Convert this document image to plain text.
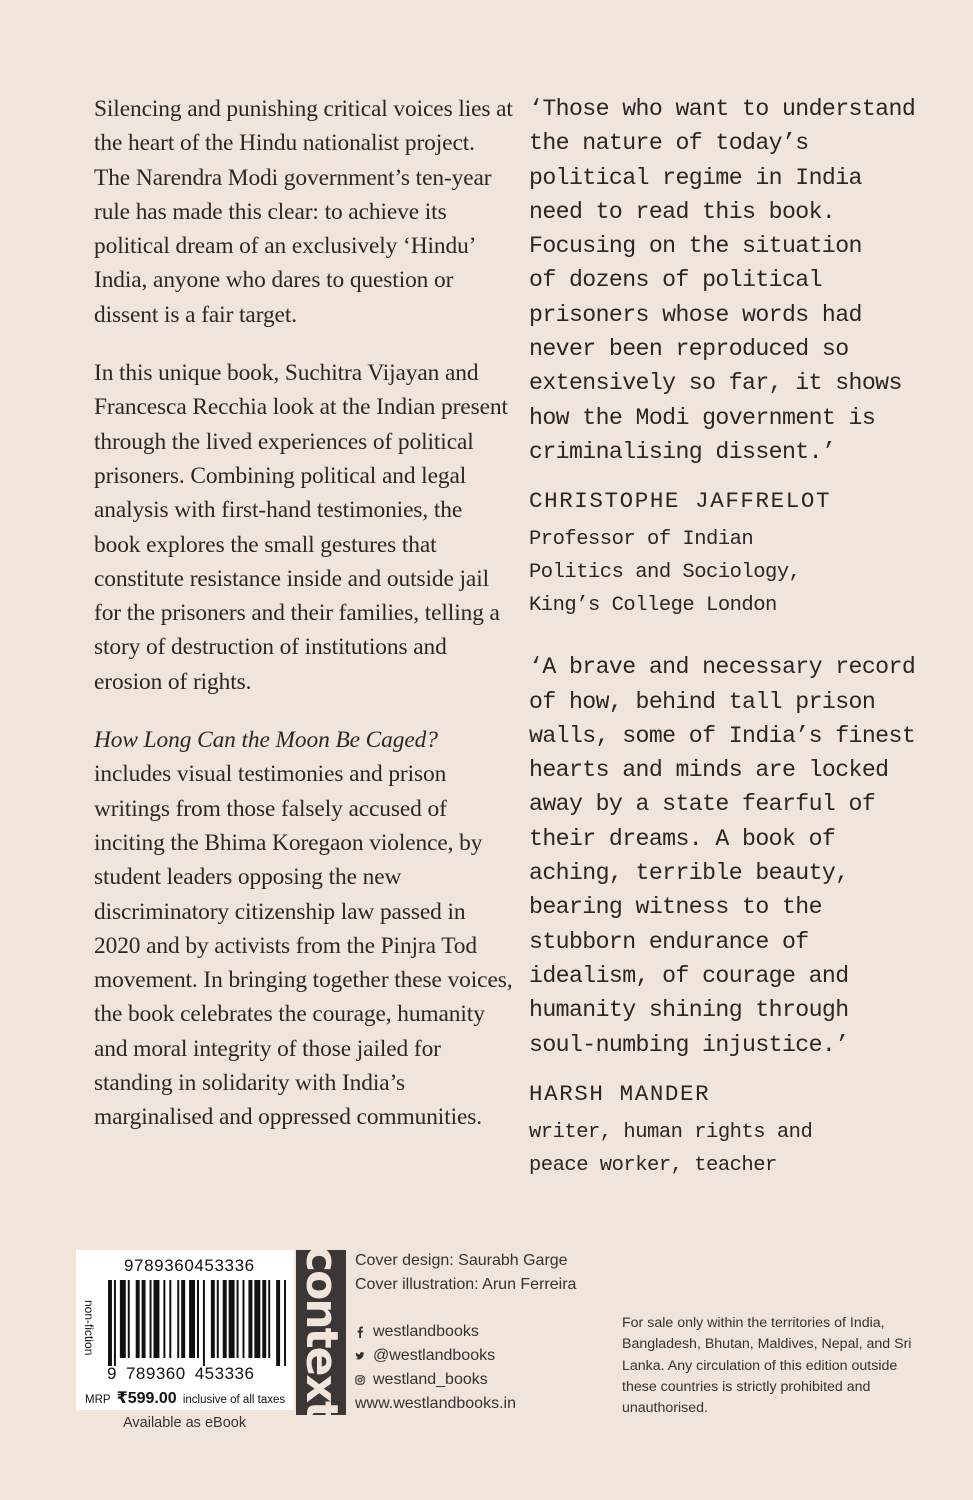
Silencing and punishing critical voices lies at the heart of the Hindu nationalist project. The Narendra Modi government’s ten-year rule has made this clear: to achieve its political dream of an exclusively ‘Hindu’ India, anyone who dares to question or dissent is a fair target.

In this unique book, Suchitra Vijayan and Francesca Recchia look at the Indian present through the lived experiences of political prisoners. Combining political and legal analysis with first-hand testimonies, the book explores the small gestures that constitute resistance inside and outside jail for the prisoners and their families, telling a story of destruction of institutions and erosion of rights.

How Long Can the Moon Be Caged? includes visual testimonies and prison writings from those falsely accused of inciting the Bhima Koregaon violence, by student leaders opposing the new discriminatory citizenship law passed in 2020 and by activists from the Pinjra Tod movement. In bringing together these voices, the book celebrates the courage, humanity and moral integrity of those jailed for standing in solidarity with India’s marginalised and oppressed communities.

‘Those who want to understand
the nature of today’s
political regime in India
need to read this book.
Focusing on the situation
of dozens of political
prisoners whose words had
never been reproduced so
extensively so far, it shows
how the Modi government is
criminalising dissent.’

CHRISTOPHE JAFFRELOT

Professor of Indian
Politics and Sociology,
King’s College London

‘A brave and necessary record
of how, behind tall prison
walls, some of India’s finest
hearts and minds are locked
away by a state fearful of
their dreams. A book of
aching, terrible beauty,
bearing witness to the
stubborn endurance of
idealism, of courage and
humanity shining through
soul-numbing injustice.’

HARSH MANDER

writer, human rights and
peace worker, teacher

non-fiction
9789360453336
9 789360 453336
MRP ₹599.00 inclusive of all taxes
Available as eBook
context Cover design: Saurabh Garge
Cover illustration: Arun Ferreira
westlandbooks
@westlandbooks
westland_books
www.westlandbooks.in
For sale only within the territories of India, Bangladesh, Bhutan, Maldives, Nepal, and Sri Lanka. Any circulation of this edition outside these countries is strictly prohibited and unauthorised.
